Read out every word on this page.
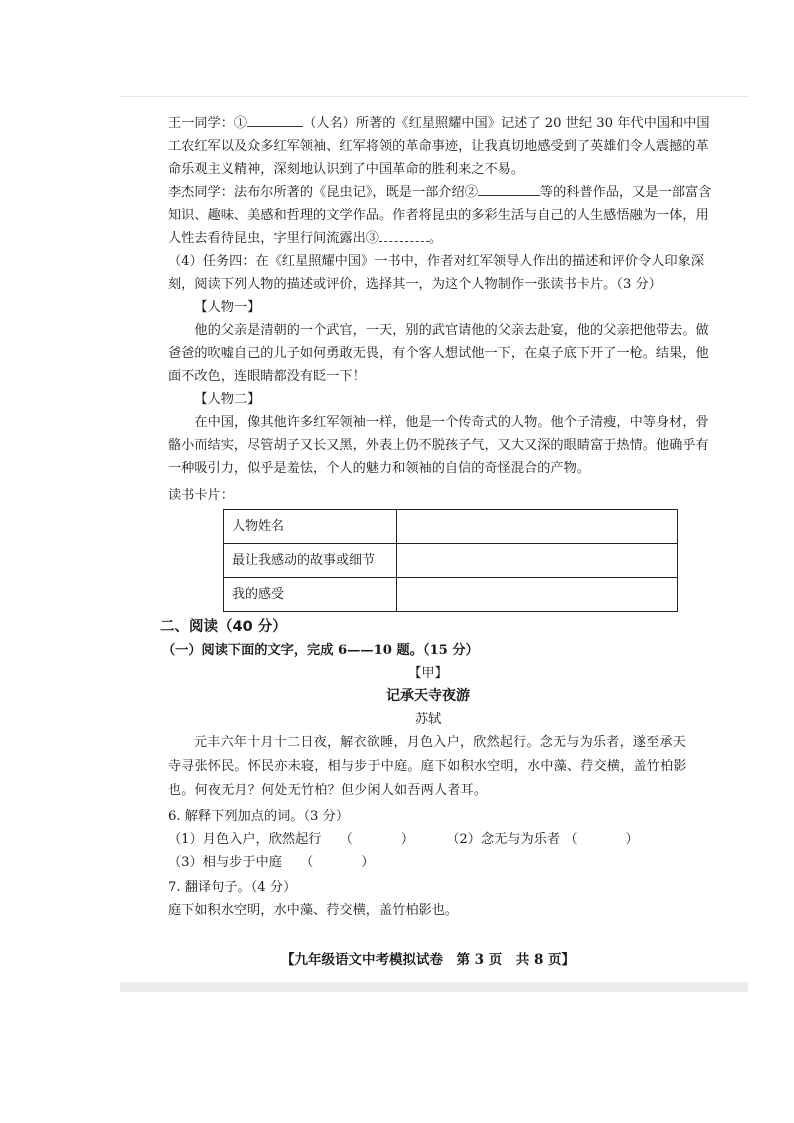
王一同学：①	（人名）所著的《红星照耀中国》记述了 20 世纪 30 年代中国和中国
工农红军以及众多红军领袖、红军将领的革命事迹，让我真切地感受到了英雄们令人震撼的革
命乐观主义精神，深刻地认识到了中国革命的胜利来之不易。
李杰同学：法布尔所著的《昆虫记》，既是一部介绍②	等的科普作品，又是一部富含
知识、趣味、美感和哲理的文学作品。作者将昆虫的多彩生活与自己的人生感悟融为一体，用
人性去看待昆虫，字里行间流露出③	。
（4）任务四：在《红星照耀中国》一书中，作者对红军领导人作出的描述和评价令人印象深
刻，阅读下列人物的描述或评价，选择其一，为这个人物制作一张读书卡片。（3 分）
【人物一】
他的父亲是清朝的一个武官，一天，别的武官请他的父亲去赴宴，他的父亲把他带去。做
爸爸的吹嘘自己的儿子如何勇敢无畏，有个客人想试他一下，在桌子底下开了一枪。结果，他
面不改色，连眼睛都没有眨一下！
【人物二】
在中国，像其他许多红军领袖一样，他是一个传奇式的人物。他个子清瘦，中等身材，骨
骼小而结实，尽管胡子又长又黑，外表上仍不脱孩子气，又大又深的眼睛富于热情。他确乎有
一种吸引力，似乎是羞怯，个人的魅力和领袖的自信的奇怪混合的产物。
读书卡片：
人物姓名	
最让我感动的故事或细节	
我的感受	
二、阅读（40 分）
（一）阅读下面的文字，完成 6——10 题。（15 分）
【甲】
记承天寺夜游
苏轼
元丰六年十月十二日夜，解衣欲睡，月色入户，欣然起行。念无与为乐者，遂至承天
寺寻张怀民。怀民亦未寝，相与步于中庭。庭下如积水空明，水中藻、荇交横，盖竹柏影
也。何夜无月？何处无竹柏？但少闲人如吾两人者耳。
6. 解释下列加点的词。（3 分）
（1）月色入户，欣然起行 （	） （2）念无与为乐者 （	）
（3）相与步于中庭 （	）
7. 翻译句子。（4 分）
庭下如积水空明，水中藻、荇交横，盖竹柏影也。
【九年级语文中考模拟试卷　第 3 页　共 8 页】
